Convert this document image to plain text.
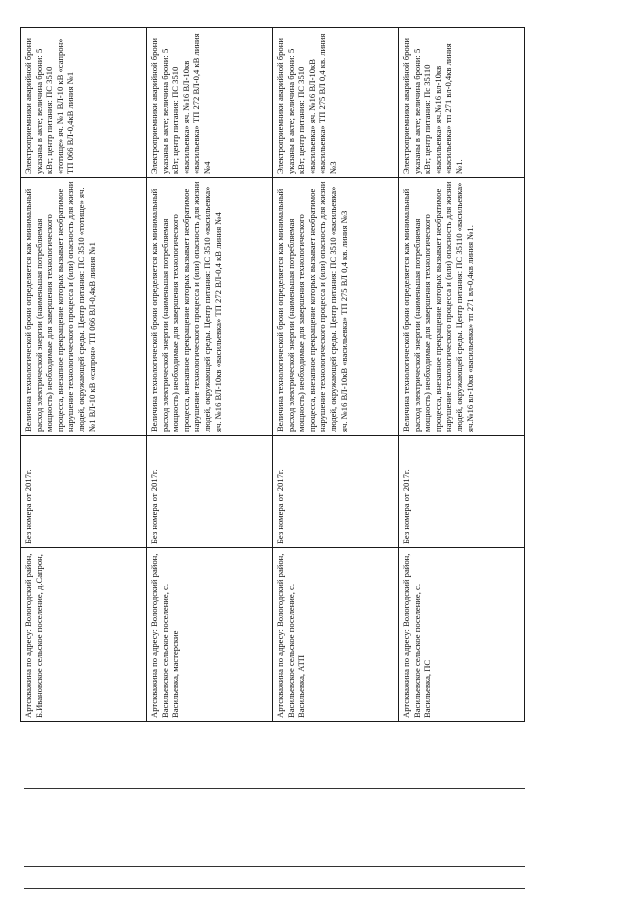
Артскважина по адресу: Вологодский район, Б.Ивановское сельское поселение, д.Сапрон,	Без номера от 2017г.	Величина технологической брони определяется как минимальный расход электрической энергии (наименьшая потребляемая мощность) необходимые для завершения технологического процесса, внезапное прекращение которых вызывает необратимое нарушение технологического процесса и (или) опасность для жизни людей, окружающей среды. Центр питания: ПС 3510 «тотище» яч. №1 ВЛ-10 кВ «сапрон» ТП 066 ВЛ-0,4кВ линия №1	Электроприемники аварийной брони указаны в акте; величина брони: 5 кВт; центр питания: ПС 3510 «тотище» яч. №1 ВЛ-10 кВ «сапрон» ТП 066 ВЛ-0,4кВ линия №1
Артскважина по адресу: Вологодский район, Васильевское сельское поселение, с. Васильевка, мастерские	Без номера от 2017г.	Величина технологической брони определяется как минимальный расход электрической энергии (наименьшая потребляемая мощность) необходимые для завершения технологического процесса, внезапное прекращение которых вызывает необратимое нарушение технологического процесса и (или) опасность для жизни людей, окружающей среды. Центр питания: ПС 3510 «васильевка» яч. №16 ВЛ-10кв «васильевка» ТП 272 ВЛ-0,4 кВ линия №4	Электроприемники аварийной брони указаны в акте; величина брони: 5 кВт; центр питания: ПС 3510 «васильевка» яч. №16 ВЛ-10кв «васильевка» ТП 272 ВЛ-0,4 кВ линия №4
Артскважина по адресу: Вологодский район, Васильевское сельское поселение, с. Васильевка, АТП	Без номера от 2017г.	Величина технологической брони определяется как минимальный расход электрической энергии (наименьшая потребляемая мощность) необходимые для завершения технологического процесса, внезапное прекращение которых вызывает необратимое нарушение технологического процесса и (или) опасность для жизни людей, окружающей среды. Центр питания: ПС 3510 «васильевка» яч. №16 ВЛ-10кВ «васильевка» ТП 275 ВЛ 0,4 кв. линия №3	Электроприемники аварийной брони указаны в акте; величина брони: 5 кВт; центр питания: ПС 3510 «васильевка» яч. №16 ВЛ-10кВ «васильевка» ТП 275 ВЛ 0,4 кв. линия №3
Артскважина по адресу: Вологодский район, Васильевское сельское поселение, с. Васильевка, ПС	Без номера от 2017г.	Величина технологической брони определяется как минимальный расход электрической энергии (наименьшая потребляемая мощность) необходимые для завершения технологического процесса, внезапное прекращение которых вызывает необратимое нарушение технологического процесса и (или) опасность для жизни людей, окружающей среды. Центр питания: ПС 35110 «васильевка» яч.№16 вл-10кв «васильевка» тп 271 вл-0,4кв линия №1.	Электроприемники аварийной брони указаны в акте; величина брони: 5 кВт; центр питания: Пс 35110 «васильевка» яч.№16 вл-10кв «васильевка» тп 271 вл-0,4кв линия №1.
